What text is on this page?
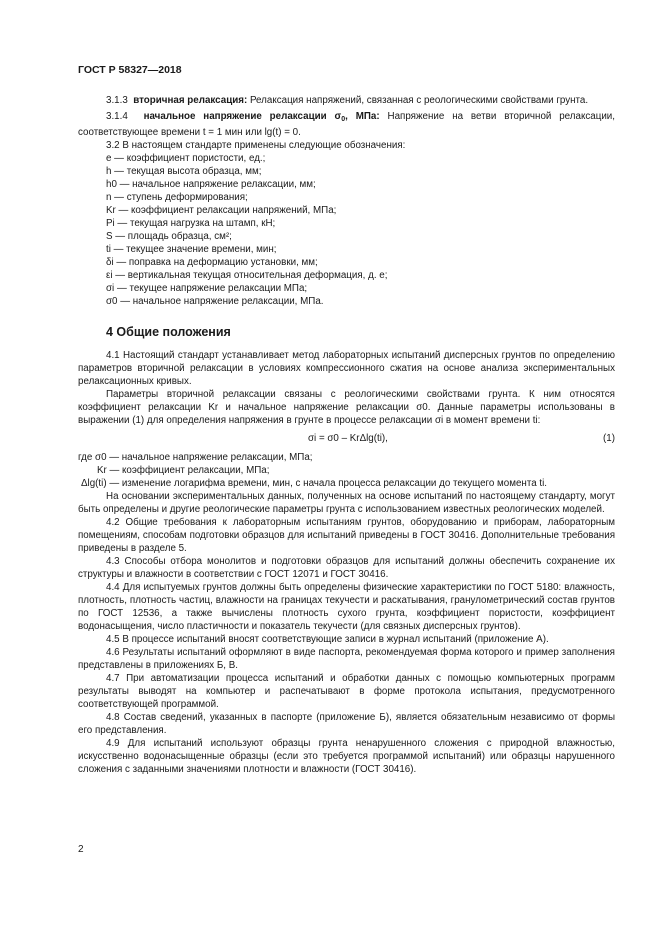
ГОСТ Р 58327—2018

3.1.3 вторичная релаксация: Релаксация напряжений, связанная с реологическими свойствами грунта.

3.1.4 начальное напряжение релаксации $\sigma_0$, МПа: Напряжение на ветви вторичной релаксации, соответствующее времени t = 1 мин или lg(t) = 0.

3.2 В настоящем стандарте применены следующие обозначения:

e — коэффициент пористости, ед.;

h — текущая высота образца, мм;

h0 — начальное напряжение релаксации, мм;

n — ступень деформирования;

Kr — коэффициент релаксации напряжений, МПа;

Pi — текущая нагрузка на штамп, кН;

S — площадь образца, см²;

ti — текущее значение времени, мин;

δi — поправка на деформацию установки, мм;

εi — вертикальная текущая относительная деформация, д. е;

σi — текущее напряжение релаксации МПа;

σ0 — начальное напряжение релаксации, МПа.

4 Общие положения

4.1 Настоящий стандарт устанавливает метод лабораторных испытаний дисперсных грунтов по определению параметров вторичной релаксации в условиях компрессионного сжатия на основе анализа экспериментальных релаксационных кривых.

Параметры вторичной релаксации связаны с реологическими свойствами грунта. К ним относятся коэффициент релаксации Kr и начальное напряжение релаксации σ0. Данные параметры использованы в выражении (1) для определения напряжения в грунте в процессе релаксации σi в момент времени ti:

σi = σ0 – KrΔlg(ti),	(1)

где σ0 — начальное напряжение релаксации, МПа;

Kr — коэффициент релаксации, МПа;

Δlg(ti) — изменение логарифма времени, мин, с начала процесса релаксации до текущего момента ti.

На основании экспериментальных данных, полученных на основе испытаний по настоящему стандарту, могут быть определены и другие реологические параметры грунта с использованием известных реологических моделей.

4.2 Общие требования к лабораторным испытаниям грунтов, оборудованию и приборам, лабораторным помещениям, способам подготовки образцов для испытаний приведены в ГОСТ 30416. Дополнительные требования приведены в разделе 5.

4.3 Способы отбора монолитов и подготовки образцов для испытаний должны обеспечить сохранение их структуры и влажности в соответствии с ГОСТ 12071 и ГОСТ 30416.

4.4 Для испытуемых грунтов должны быть определены физические характеристики по ГОСТ 5180: влажность, плотность, плотность частиц, влажности на границах текучести и раскатывания, гранулометрический состав грунтов по ГОСТ 12536, а также вычислены плотность сухого грунта, коэффициент пористости, коэффициент водонасыщения, число пластичности и показатель текучести (для связных дисперсных грунтов).

4.5 В процессе испытаний вносят соответствующие записи в журнал испытаний (приложение А).

4.6 Результаты испытаний оформляют в виде паспорта, рекомендуемая форма которого и пример заполнения представлены в приложениях Б, В.

4.7 При автоматизации процесса испытаний и обработки данных с помощью компьютерных программ результаты выводят на компьютер и распечатывают в форме протокола испытания, предусмотренного соответствующей программой.

4.8 Состав сведений, указанных в паспорте (приложение Б), является обязательным независимо от формы его представления.

4.9 Для испытаний используют образцы грунта ненарушенного сложения с природной влажностью, искусственно водонасыщенные образцы (если это требуется программой испытаний) или образцы нарушенного сложения с заданными значениями плотности и влажности (ГОСТ 30416).

2
